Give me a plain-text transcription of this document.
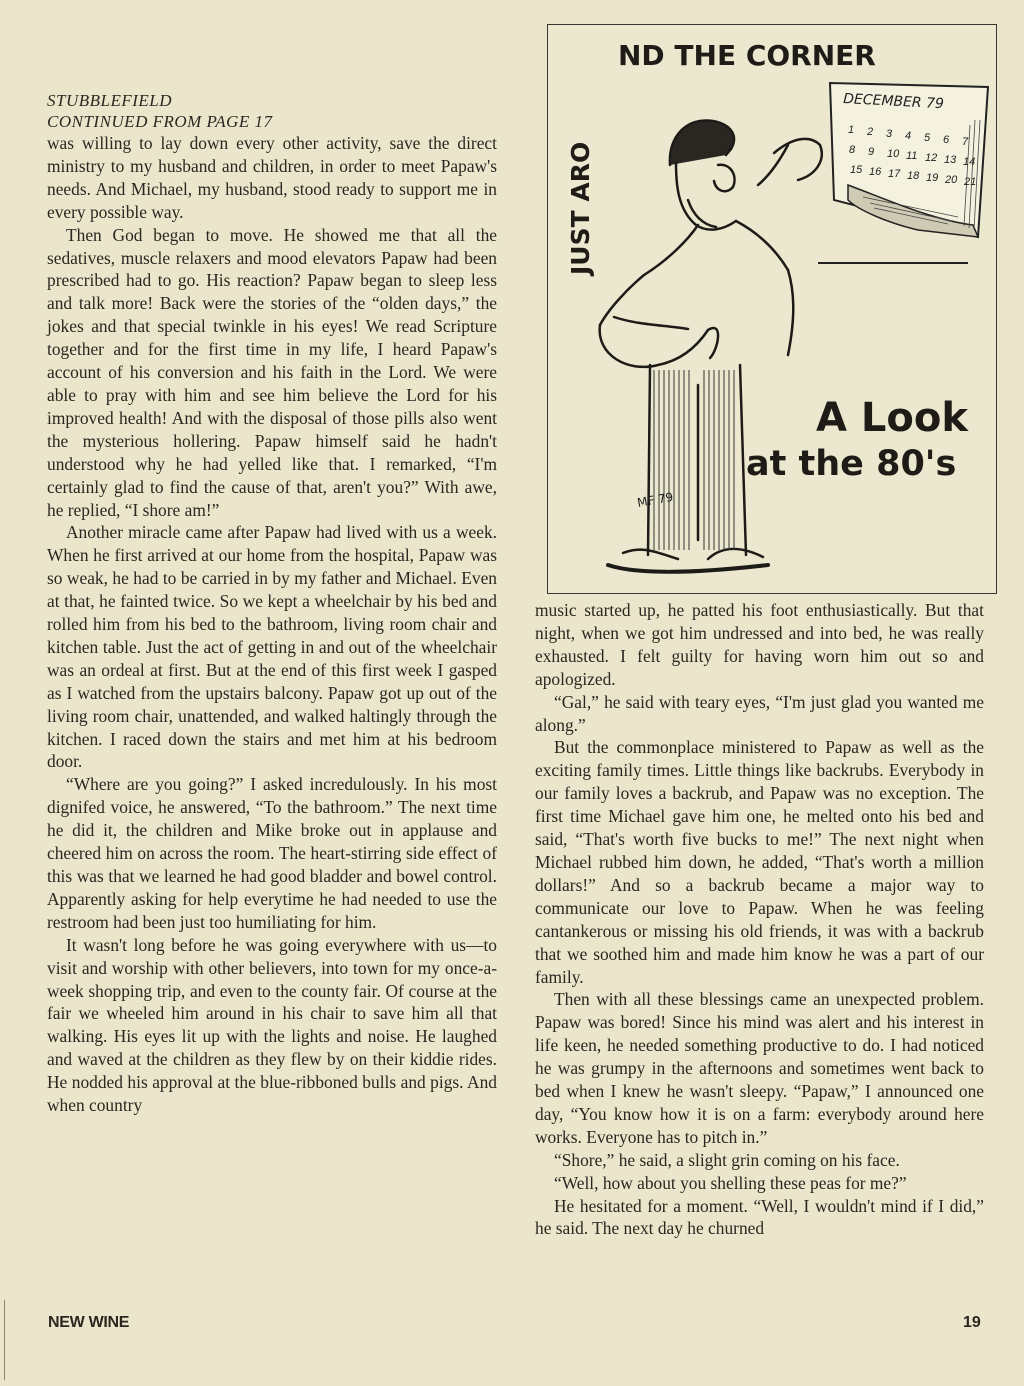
STUBBLEFIELD
CONTINUED FROM PAGE 17

was willing to lay down every other activity, save the direct ministry to my husband and children, in order to meet Papaw's needs. And Michael, my husband, stood ready to support me in every possible way.

Then God began to move. He showed me that all the sedatives, muscle relaxers and mood elevators Papaw had been prescribed had to go. His reaction? Papaw began to sleep less and talk more! Back were the stories of the “olden days,” the jokes and that special twinkle in his eyes! We read Scripture together and for the first time in my life, I heard Papaw's account of his conversion and his faith in the Lord. We were able to pray with him and see him believe the Lord for his improved health! And with the disposal of those pills also went the mysterious hollering. Papaw himself said he hadn't understood why he had yelled like that. I remarked, “I'm certainly glad to find the cause of that, aren't you?” With awe, he replied, “I shore am!”

Another miracle came after Papaw had lived with us a week. When he first arrived at our home from the hospital, Papaw was so weak, he had to be carried in by my father and Michael. Even at that, he fainted twice. So we kept a wheelchair by his bed and rolled him from his bed to the bathroom, living room chair and kitchen table. Just the act of getting in and out of the wheelchair was an ordeal at first. But at the end of this first week I gasped as I watched from the upstairs balcony. Papaw got up out of the living room chair, unattended, and walked haltingly through the kitchen. I raced down the stairs and met him at his bedroom door.

“Where are you going?” I asked incredulously. In his most dignifed voice, he answered, “To the bathroom.” The next time he did it, the children and Mike broke out in applause and cheered him on across the room. The heart-stirring side effect of this was that we learned he had good bladder and bowel control. Apparently asking for help everytime he had needed to use the restroom had been just too humiliating for him.

It wasn't long before he was going everywhere with us—to visit and worship with other believers, into town for my once-a-week shopping trip, and even to the county fair. Of course at the fair we wheeled him around in his chair to save him all that walking. His eyes lit up with the lights and noise. He laughed and waved at the children as they flew by on their kiddie rides. He nodded his approval at the blue-ribboned bulls and pigs. And when country

JUST ARO
ND THE CORNER
DECEMBER 79
1 2 3 4 5 6 7
8 9 10 11 12 13 14
15 16 17 18 19 20 21
A Look
at the 80's
MF 79

music started up, he patted his foot enthusiastically. But that night, when we got him undressed and into bed, he was really exhausted. I felt guilty for having worn him out so and apologized.

“Gal,” he said with teary eyes, “I'm just glad you wanted me along.”

But the commonplace ministered to Papaw as well as the exciting family times. Little things like backrubs. Everybody in our family loves a backrub, and Papaw was no exception. The first time Michael gave him one, he melted onto his bed and said, “That's worth five bucks to me!” The next night when Michael rubbed him down, he added, “That's worth a million dollars!” And so a backrub became a major way to communicate our love to Papaw. When he was feeling cantankerous or missing his old friends, it was with a backrub that we soothed him and made him know he was a part of our family.

Then with all these blessings came an unexpected problem. Papaw was bored! Since his mind was alert and his interest in life keen, he needed something productive to do. I had noticed he was grumpy in the afternoons and sometimes went back to bed when I knew he wasn't sleepy. “Papaw,” I announced one day, “You know how it is on a farm: everybody around here works. Everyone has to pitch in.”

“Shore,” he said, a slight grin coming on his face.

“Well, how about you shelling these peas for me?”

He hesitated for a moment. “Well, I wouldn't mind if I did,” he said. The next day he churned

NEW WINE	19
